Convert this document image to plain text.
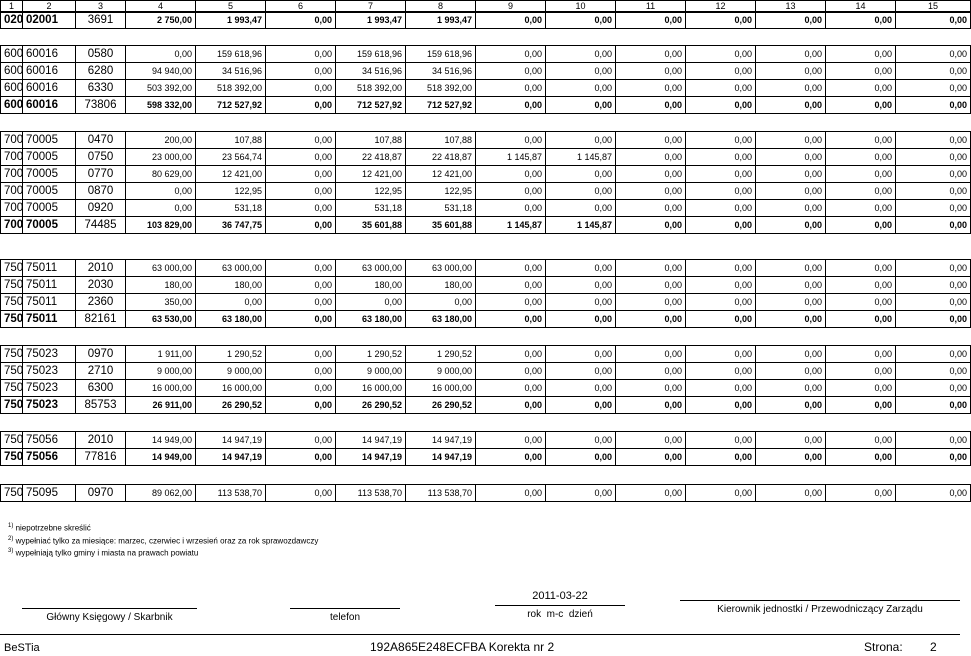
1	2	3	4	5	6	7	8	9	10	11	12	13	14	15
020	02001	3691	2 750,00	1 993,47	0,00	1 993,47	1 993,47	0,00	0,00	0,00	0,00	0,00	0,00	0,00
600	60016	0580	0,00	159 618,96	0,00	159 618,96	159 618,96	0,00	0,00	0,00	0,00	0,00	0,00	0,00
600	60016	6280	94 940,00	34 516,96	0,00	34 516,96	34 516,96	0,00	0,00	0,00	0,00	0,00	0,00	0,00
600	60016	6330	503 392,00	518 392,00	0,00	518 392,00	518 392,00	0,00	0,00	0,00	0,00	0,00	0,00	0,00
600	60016	73806	598 332,00	712 527,92	0,00	712 527,92	712 527,92	0,00	0,00	0,00	0,00	0,00	0,00	0,00
700	70005	0470	200,00	107,88	0,00	107,88	107,88	0,00	0,00	0,00	0,00	0,00	0,00	0,00
700	70005	0750	23 000,00	23 564,74	0,00	22 418,87	22 418,87	1 145,87	1 145,87	0,00	0,00	0,00	0,00	0,00
700	70005	0770	80 629,00	12 421,00	0,00	12 421,00	12 421,00	0,00	0,00	0,00	0,00	0,00	0,00	0,00
700	70005	0870	0,00	122,95	0,00	122,95	122,95	0,00	0,00	0,00	0,00	0,00	0,00	0,00
700	70005	0920	0,00	531,18	0,00	531,18	531,18	0,00	0,00	0,00	0,00	0,00	0,00	0,00
700	70005	74485	103 829,00	36 747,75	0,00	35 601,88	35 601,88	1 145,87	1 145,87	0,00	0,00	0,00	0,00	0,00
750	75011	2010	63 000,00	63 000,00	0,00	63 000,00	63 000,00	0,00	0,00	0,00	0,00	0,00	0,00	0,00
750	75011	2030	180,00	180,00	0,00	180,00	180,00	0,00	0,00	0,00	0,00	0,00	0,00	0,00
750	75011	2360	350,00	0,00	0,00	0,00	0,00	0,00	0,00	0,00	0,00	0,00	0,00	0,00
750	75011	82161	63 530,00	63 180,00	0,00	63 180,00	63 180,00	0,00	0,00	0,00	0,00	0,00	0,00	0,00
750	75023	0970	1 911,00	1 290,52	0,00	1 290,52	1 290,52	0,00	0,00	0,00	0,00	0,00	0,00	0,00
750	75023	2710	9 000,00	9 000,00	0,00	9 000,00	9 000,00	0,00	0,00	0,00	0,00	0,00	0,00	0,00
750	75023	6300	16 000,00	16 000,00	0,00	16 000,00	16 000,00	0,00	0,00	0,00	0,00	0,00	0,00	0,00
750	75023	85753	26 911,00	26 290,52	0,00	26 290,52	26 290,52	0,00	0,00	0,00	0,00	0,00	0,00	0,00
750	75056	2010	14 949,00	14 947,19	0,00	14 947,19	14 947,19	0,00	0,00	0,00	0,00	0,00	0,00	0,00
750	75056	77816	14 949,00	14 947,19	0,00	14 947,19	14 947,19	0,00	0,00	0,00	0,00	0,00	0,00	0,00
750	75095	0970	89 062,00	113 538,70	0,00	113 538,70	113 538,70	0,00	0,00	0,00	0,00	0,00	0,00	0,00
$^{1)}$ niepotrzebne skreślić
$^{2)}$ wypełniać tylko za miesiące: marzec, czerwiec i wrzesień oraz za rok sprawozdawczy
$^{3)}$ wypełniają tylko gminy i miasta na prawach powiatu
Główny Księgowy / Skarbnik	telefon
2011-03-22
rok  m-c  dzień	Kierownik jednostki / Przewodniczący Zarządu
BeSTia	192A865E248ECFBA Korekta nr 2	Strona: 2
